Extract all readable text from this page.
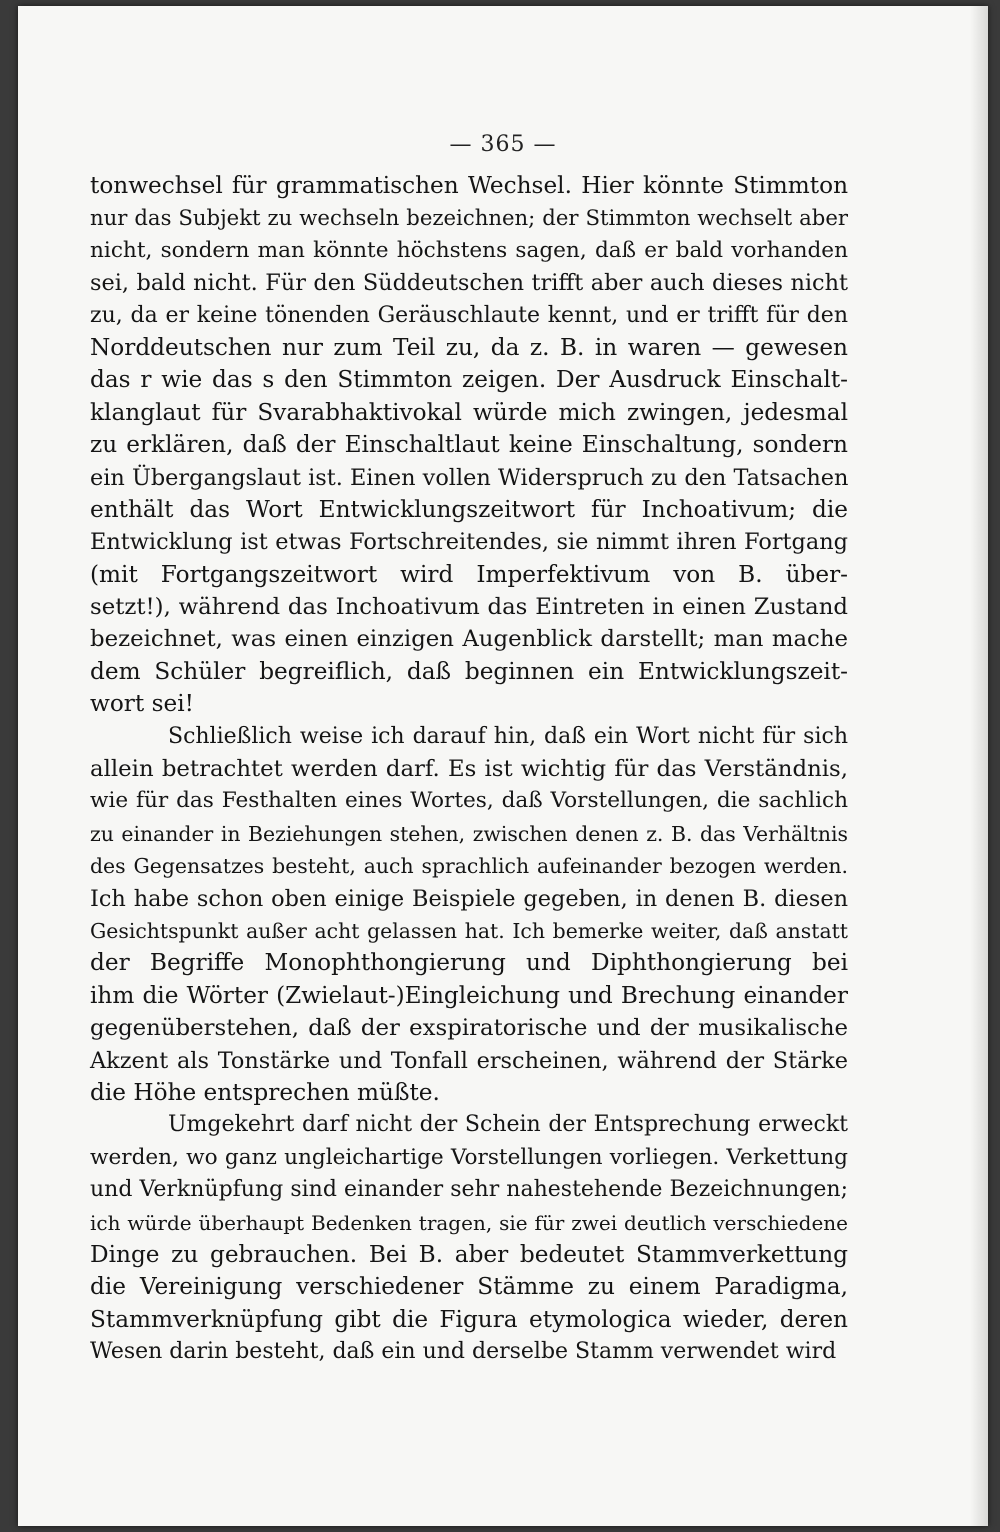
— 365 —
tonwechsel für grammatischen Wechsel. Hier könnte Stimmton
nur das Subjekt zu wechseln bezeichnen; der Stimmton wechselt aber
nicht, sondern man könnte höchstens sagen, daß er bald vorhanden
sei, bald nicht. Für den Süddeutschen trifft aber auch dieses nicht
zu, da er keine tönenden Geräuschlaute kennt, und er trifft für den
Norddeutschen nur zum Teil zu, da z. B. in waren — gewesen
das r wie das s den Stimmton zeigen. Der Ausdruck Einschalt-
klanglaut für Svarabhaktivokal würde mich zwingen, jedesmal
zu erklären, daß der Einschaltlaut keine Einschaltung, sondern
ein Übergangslaut ist. Einen vollen Widerspruch zu den Tatsachen
enthält das Wort Entwicklungszeitwort für Inchoativum; die
Entwicklung ist etwas Fortschreitendes, sie nimmt ihren Fortgang
(mit Fortgangszeitwort wird Imperfektivum von B. über-
setzt!), während das Inchoativum das Eintreten in einen Zustand
bezeichnet, was einen einzigen Augenblick darstellt; man mache
dem Schüler begreiflich, daß beginnen ein Entwicklungszeit-
wort sei!
Schließlich weise ich darauf hin, daß ein Wort nicht für sich
allein betrachtet werden darf. Es ist wichtig für das Verständnis,
wie für das Festhalten eines Wortes, daß Vorstellungen, die sachlich
zu einander in Beziehungen stehen, zwischen denen z. B. das Verhältnis
des Gegensatzes besteht, auch sprachlich aufeinander bezogen werden.
Ich habe schon oben einige Beispiele gegeben, in denen B. diesen
Gesichtspunkt außer acht gelassen hat. Ich bemerke weiter, daß anstatt
der Begriffe Monophthongierung und Diphthongierung bei
ihm die Wörter (Zwielaut-)Eingleichung und Brechung einander
gegenüberstehen, daß der exspiratorische und der musikalische
Akzent als Tonstärke und Tonfall erscheinen, während der Stärke
die Höhe entsprechen müßte.
Umgekehrt darf nicht der Schein der Entsprechung erweckt
werden, wo ganz ungleichartige Vorstellungen vorliegen. Verkettung
und Verknüpfung sind einander sehr nahestehende Bezeichnungen;
ich würde überhaupt Bedenken tragen, sie für zwei deutlich verschiedene
Dinge zu gebrauchen. Bei B. aber bedeutet Stammverkettung
die Vereinigung verschiedener Stämme zu einem Paradigma,
Stammverknüpfung gibt die Figura etymologica wieder, deren
Wesen darin besteht, daß ein und derselbe Stamm verwendet wird
